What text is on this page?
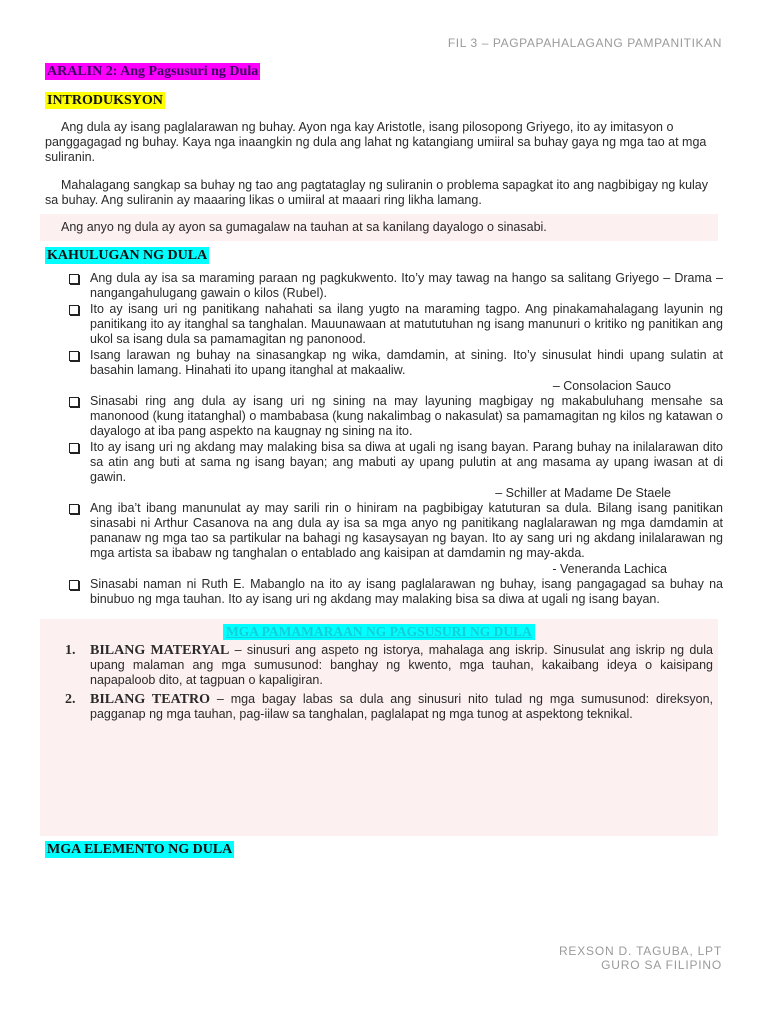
FIL 3 – PAGPAPAHALAGANG PAMPANITIKAN
ARALIN 2: Ang Pagsusuri ng Dula
INTRODUKSYON

Ang dula ay isang paglalarawan ng buhay. Ayon nga kay Aristotle, isang pilosopong Griyego, ito ay imitasyon o panggagagad ng buhay. Kaya nga inaangkin ng dula ang lahat ng katangiang umiiral sa buhay gaya ng mga tao at mga suliranin.

Mahalagang sangkap sa buhay ng tao ang pagtataglay ng suliranin o problema sapagkat ito ang nagbibigay ng kulay sa buhay. Ang suliranin ay maaaring likas o umiiral at maaari ring likha lamang.

Ang anyo ng dula ay ayon sa gumagalaw na tauhan at sa kanilang dayalogo o sinasabi.

KAHULUGAN NG DULA
Ang dula ay isa sa maraming paraan ng pagkukwento. Ito’y may tawag na hango sa salitang Griyego – Drama – nangangahulugang gawain o kilos (Rubel).
Ito ay isang uri ng panitikang nahahati sa ilang yugto na maraming tagpo. Ang pinakamahalagang layunin ng panitikang ito ay itanghal sa tanghalan. Mauunawaan at matututuhan ng isang manunuri o kritiko ng panitikan ang ukol sa isang dula sa pamamagitan ng panonood.
Isang larawan ng buhay na sinasangkap ng wika, damdamin, at sining. Ito’y sinusulat hindi upang sulatin at basahin lamang. Hinahati ito upang itanghal at makaaliw.
– Consolacion Sauco
Sinasabi ring ang dula ay isang uri ng sining na may layuning magbigay ng makabuluhang mensahe sa manonood (kung itatanghal) o mambabasa (kung nakalimbag o nakasulat) sa pamamagitan ng kilos ng katawan o dayalogo at iba pang aspekto na kaugnay ng sining na ito.
Ito ay isang uri ng akdang may malaking bisa sa diwa at ugali ng isang bayan. Parang buhay na inilalarawan dito sa atin ang buti at sama ng isang bayan; ang mabuti ay upang pulutin at ang masama ay upang iwasan at di gawin.
– Schiller at Madame De Staele
Ang iba’t ibang manunulat ay may sarili rin o hiniram na pagbibigay katuturan sa dula. Bilang isang panitikan sinasabi ni Arthur Casanova na ang dula ay isa sa mga anyo ng panitikang naglalarawan ng mga damdamin at pananaw ng mga tao sa partikular na bahagi ng kasaysayan ng bayan. Ito ay sang uri ng akdang inilalarawan ng mga artista sa ibabaw ng tanghalan o entablado ang kaisipan at damdamin ng may-akda.
- Veneranda Lachica
Sinasabi naman ni Ruth E. Mabanglo na ito ay isang paglalarawan ng buhay, isang pangagagad sa buhay na binubuo ng mga tauhan. Ito ay isang uri ng akdang may malaking bisa sa diwa at ugali ng isang bayan.
MGA PAMAMARAAN NG PAGSUSURI NG DULA
1. BILANG MATERYAL – sinusuri ang aspeto ng istorya, mahalaga ang iskrip. Sinusulat ang iskrip ng dula upang malaman ang mga sumusunod: banghay ng kwento, mga tauhan, kakaibang ideya o kaisipang napapaloob dito, at tagpuan o kapaligiran.
2. BILANG TEATRO – mga bagay labas sa dula ang sinusuri nito tulad ng mga sumusunod: direksyon, pagganap ng mga tauhan, pag-iilaw sa tanghalan, paglalapat ng mga tunog at aspektong teknikal.
MGA ELEMENTO NG DULA
REXSON D. TAGUBA, LPT
GURO SA FILIPINO
